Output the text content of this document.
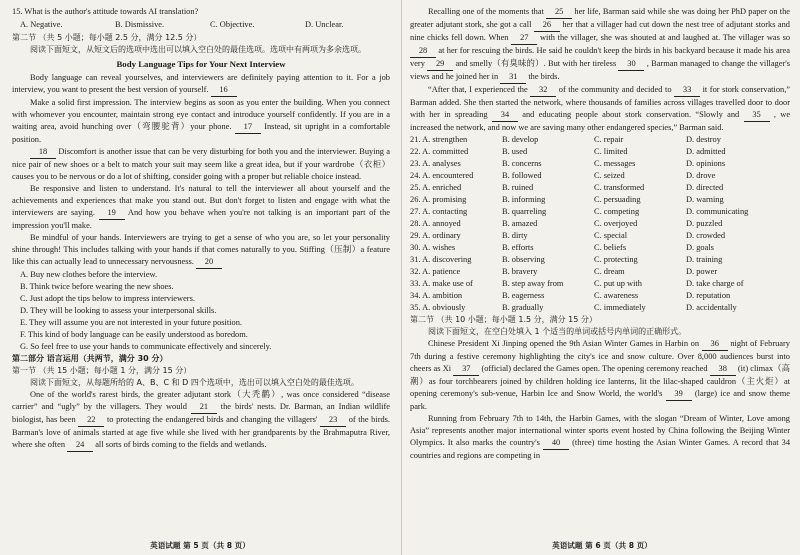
15. What is the author's attitude towards AI translation?

A. Negative.	B. Dismissive.	C. Objective.	D. Unclear.

第二节 （共 5 小题；每小题 2.5 分，满分 12.5 分）

阅读下面短文，从短文后的选项中选出可以填入空白处的最佳选项。选项中有两项为多余选项。

Body Language Tips for Your Next Interview

Body language can reveal yourselves, and interviewers are definitely paying attention to it. For a job interview, you want to present the best version of yourself. 16

Make a solid first impression. The interview begins as soon as you enter the building. When you connect with whomever you encounter, maintain strong eye contact and introduce yourself confidently. If you are in a waiting area, avoid hunching over（弯腰驼背）your phone. 17 Instead, sit upright in a comfortable position.

18 Discomfort is another issue that can be very disturbing for both you and the interviewer. Buying a nice pair of new shoes or a belt to match your suit may seem like a great idea, but if your wardrobe（衣柜）causes you to be nervous or do a lot of shifting, consider going with a proper but reliable choice instead.

Be responsive and listen to understand. It's natural to tell the interviewer all about yourself and the achievements and experiences that make you stand out. But don't forget to listen and engage with what the interviewers are saying. 19 And how you behave when you're not talking is an important part of the impression you'll make.

Be mindful of your hands. Interviewers are trying to get a sense of who you are, so let your personality shine through! This includes talking with your hands if that comes naturally to you. Stiffing（压制）a feature like this can actually lead to unnecessary nervousness. 20

A. Buy new clothes before the interview.
B. Think twice before wearing the new shoes.
C. Just adopt the tips below to impress interviewers.
D. They will be looking to assess your interpersonal skills.
E. They will assume you are not interested in your future position.
F. This kind of body language can be easily understood as boredom.
G. So feel free to use your hands to communicate effectively and sincerely.

第二部分 语言运用（共两节，满分 30 分）

第一节 （共 15 小题；每小题 1 分，满分 15 分）

阅读下面短文，从每题所给的 A、B、C 和 D 四个选项中，选出可以填入空白处的最佳选项。

One of the world's rarest birds, the greater adjutant stork（大秃鹳）, was once considered “disease carrier” and “ugly” by the villagers. They would 21 the birds' nests. Dr. Barman, an Indian wildlife biologist, has been 22 to protecting the endangered birds and changing the villagers' 23 of the birds. Barman's love of animals started at age five while she lived with her grandparents by the Brahmaputra River, where she often 24 all sorts of birds coming to the fields and wetlands.

英语试题 第 5 页（共 8 页）

Recalling one of the moments that 25 her life, Barman said while she was doing her PhD paper on the greater adjutant stork, she got a call 26 her that a villager had cut down the nest tree of adjutant storks and nine chicks fell down. When 27 with the villager, she was shouted at and laughed at. The villager was so 28 at her for rescuing the birds. He said he couldn't keep the birds in his backyard because it made his area very 29 and smelly（有臭味的）. But with her tireless 30 , Barman managed to change the villager's views and he joined her in 31 the birds.

“After that, I experienced the 32 of the community and decided to 33 it for stork conservation,” Barman added. She then started the network, where thousands of families across villages travelled door to door with her in spreading 34 and educating people about stork conservation. “Slowly and 35 , we increased the network, and now we are saving many other endangered species,” Barman said.

21. A. strengthen	B. develop	C. repair	D. destroy
22. A. committed	B. used	C. limited	D. admitted
23. A. analyses	B. concerns	C. messages	D. opinions
24. A. encountered	B. followed	C. seized	D. drove
25. A. enriched	B. ruined	C. transformed	D. directed
26. A. promising	B. informing	C. persuading	D. warning
27. A. contacting	B. quarreling	C. competing	D. communicating
28. A. annoyed	B. amazed	C. overjoyed	D. puzzled
29. A. ordinary	B. dirty	C. special	D. crowded
30. A. wishes	B. efforts	C. beliefs	D. goals
31. A. discovering	B. observing	C. protecting	D. training
32. A. patience	B. bravery	C. dream	D. power
33. A. make use of	B. step away from	C. put up with	D. take charge of
34. A. ambition	B. eagerness	C. awareness	D. reputation
35. A. obviously	B. gradually	C. immediately	D. accidentally

第二节 （共 10 小题；每小题 1.5 分，满分 15 分）

阅读下面短文，在空白处填入 1 个适当的单词或括号内单词的正确形式。

Chinese President Xi Jinping opened the 9th Asian Winter Games in Harbin on 36 night of February 7th during a festive ceremony highlighting the city's ice and snow culture. Over 8,000 audiences burst into cheers as Xi 37 (official) declared the Games open. The opening ceremony reached 38 (it) climax（高潮）as four torchbearers joined by children holding ice lanterns, lit the lilac-shaped cauldron（主火炬）at opening ceremony's sub-venue, Harbin Ice and Snow World, the world's 39 (large) ice and snow theme park.

Running from February 7th to 14th, the Harbin Games, with the slogan “Dream of Winter, Love among Asia” represents another major international winter sports event hosted by China following the Beijing Winter Olympics. It also marks the country's 40 (three) time hosting the Asian Winter Games. A record that 34 countries and regions are competing in

英语试题 第 6 页（共 8 页）
